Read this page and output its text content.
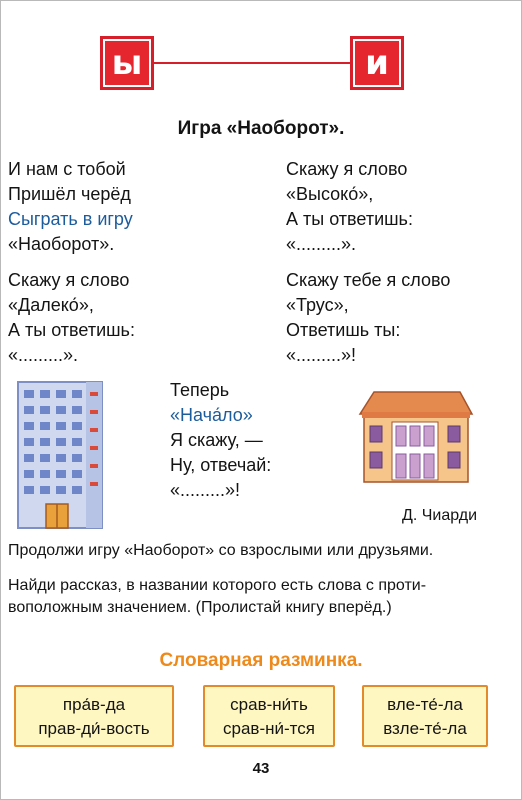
ы	и
Игра «Наоборот».
И нам с тобой
Пришёл черёд
Сыграть в игру
«Наоборот».
Скажу я слово
«Высоко́»,
А ты ответишь:
«.........».
Скажу я слово
«Далеко́»,
А ты ответишь:
«.........».
Скажу тебе я слово
«Трус»,
Ответишь ты:
«.........»!
Теперь
«Нача́ло»
Я скажу, —
Ну, отвечай:
«.........»!
Д. Чиарди
Продолжи игру «Наоборот» со взрослыми или друзьями.
Найди рассказ, в названии которого есть слова с проти-
воположным значением. (Пролистай книгу вперёд.)
Словарная разминка.
пра́в-да
прав-ди́-вость
срав-ни́ть
срав-ни́-тся
вле-те́-ла
взле-те́-ла
43
